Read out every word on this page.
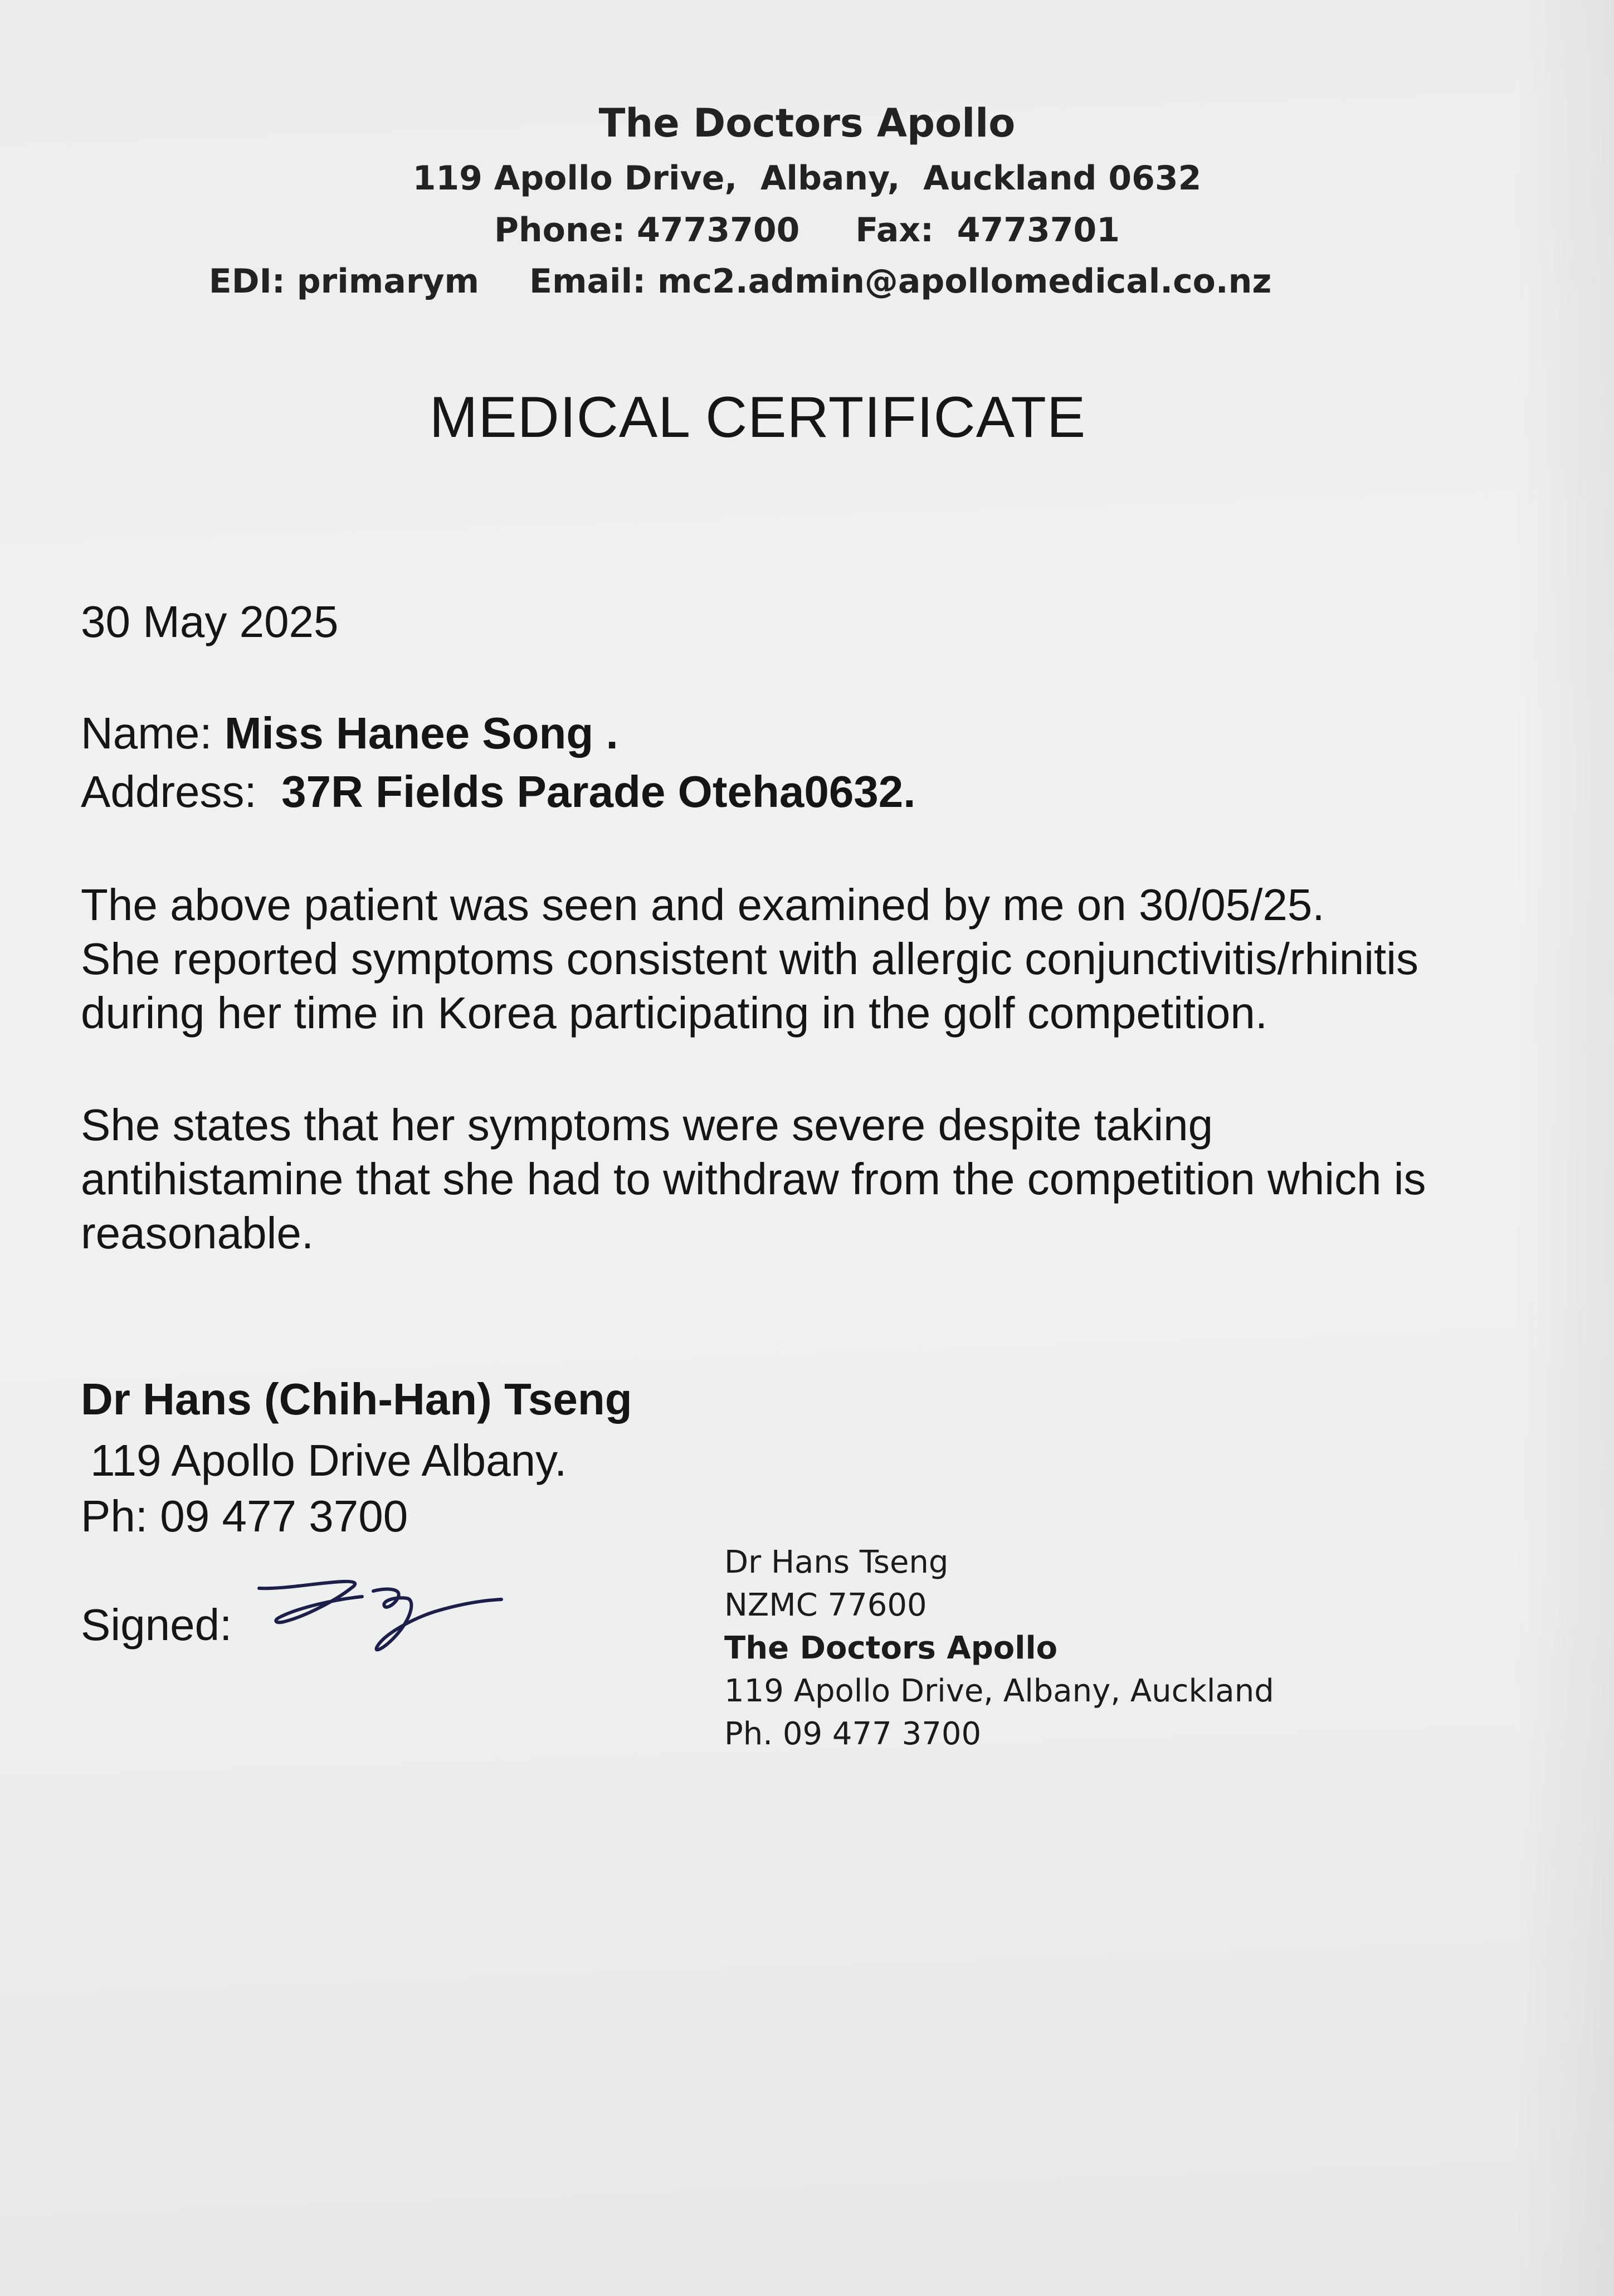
The Doctors Apollo
119 Apollo Drive,  Albany,  Auckland 0632
Phone: 4773700 Fax:  4773701
EDI: primarym Email: mc2.admin@apollomedical.co.nz
MEDICAL CERTIFICATE
30 May 2025
Name: Miss Hanee Song .
Address: 37R Fields Parade Oteha0632.
The above patient was seen and examined by me on 30/05/25.
She reported symptoms consistent with allergic conjunctivitis/rhinitis
during her time in Korea participating in the golf competition.
She states that her symptoms were severe despite taking
antihistamine that she had to withdraw from the competition which is
reasonable.
Dr Hans (Chih-Han) Tseng
119 Apollo Drive Albany.
Ph: 09 477 3700
Signed:
Dr Hans Tseng
NZMC 77600
The Doctors Apollo
119 Apollo Drive, Albany, Auckland
Ph. 09 477 3700
